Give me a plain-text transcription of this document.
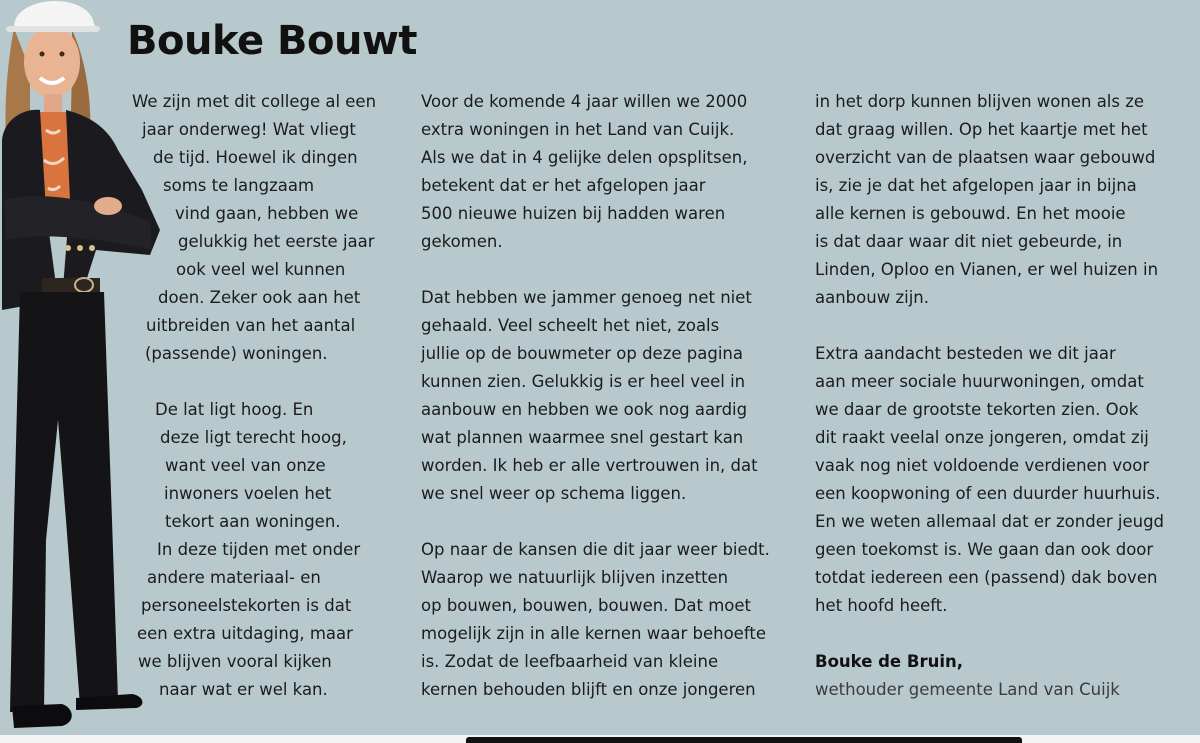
Bouke Bouwt
We zijn met dit college al een
jaar onderweg! Wat vliegt
de tijd. Hoewel ik dingen
soms te langzaam
vind gaan, hebben we
gelukkig het eerste jaar
ook veel wel kunnen
doen. Zeker ook aan het
uitbreiden van het aantal
(passende) woningen.
De lat ligt hoog. En
deze ligt terecht hoog,
want veel van onze
inwoners voelen het
tekort aan woningen.
In deze tijden met onder
andere materiaal- en
personeelstekorten is dat
een extra uitdaging, maar
we blijven vooral kijken
naar wat er wel kan.
Voor de komende 4 jaar willen we 2000
extra woningen in het Land van Cuijk.
Als we dat in 4 gelijke delen opsplitsen,
betekent dat er het afgelopen jaar
500 nieuwe huizen bij hadden waren
gekomen.
Dat hebben we jammer genoeg net niet
gehaald. Veel scheelt het niet, zoals
jullie op de bouwmeter op deze pagina
kunnen zien. Gelukkig is er heel veel in
aanbouw en hebben we ook nog aardig
wat plannen waarmee snel gestart kan
worden. Ik heb er alle vertrouwen in, dat
we snel weer op schema liggen.
Op naar de kansen die dit jaar weer biedt.
Waarop we natuurlijk blijven inzetten
op bouwen, bouwen, bouwen. Dat moet
mogelijk zijn in alle kernen waar behoefte
is. Zodat de leefbaarheid van kleine
kernen behouden blijft en onze jongeren
in het dorp kunnen blijven wonen als ze
dat graag willen. Op het kaartje met het
overzicht van de plaatsen waar gebouwd
is, zie je dat het afgelopen jaar in bijna
alle kernen is gebouwd. En het mooie
is dat daar waar dit niet gebeurde, in
Linden, Oploo en Vianen, er wel huizen in
aanbouw zijn.
Extra aandacht besteden we dit jaar
aan meer sociale huurwoningen, omdat
we daar de grootste tekorten zien. Ook
dit raakt veelal onze jongeren, omdat zij
vaak nog niet voldoende verdienen voor
een koopwoning of een duurder huurhuis.
En we weten allemaal dat er zonder jeugd
geen toekomst is. We gaan dan ook door
totdat iedereen een (passend) dak boven
het hoofd heeft.
Bouke de Bruin,
wethouder gemeente Land van Cuijk
